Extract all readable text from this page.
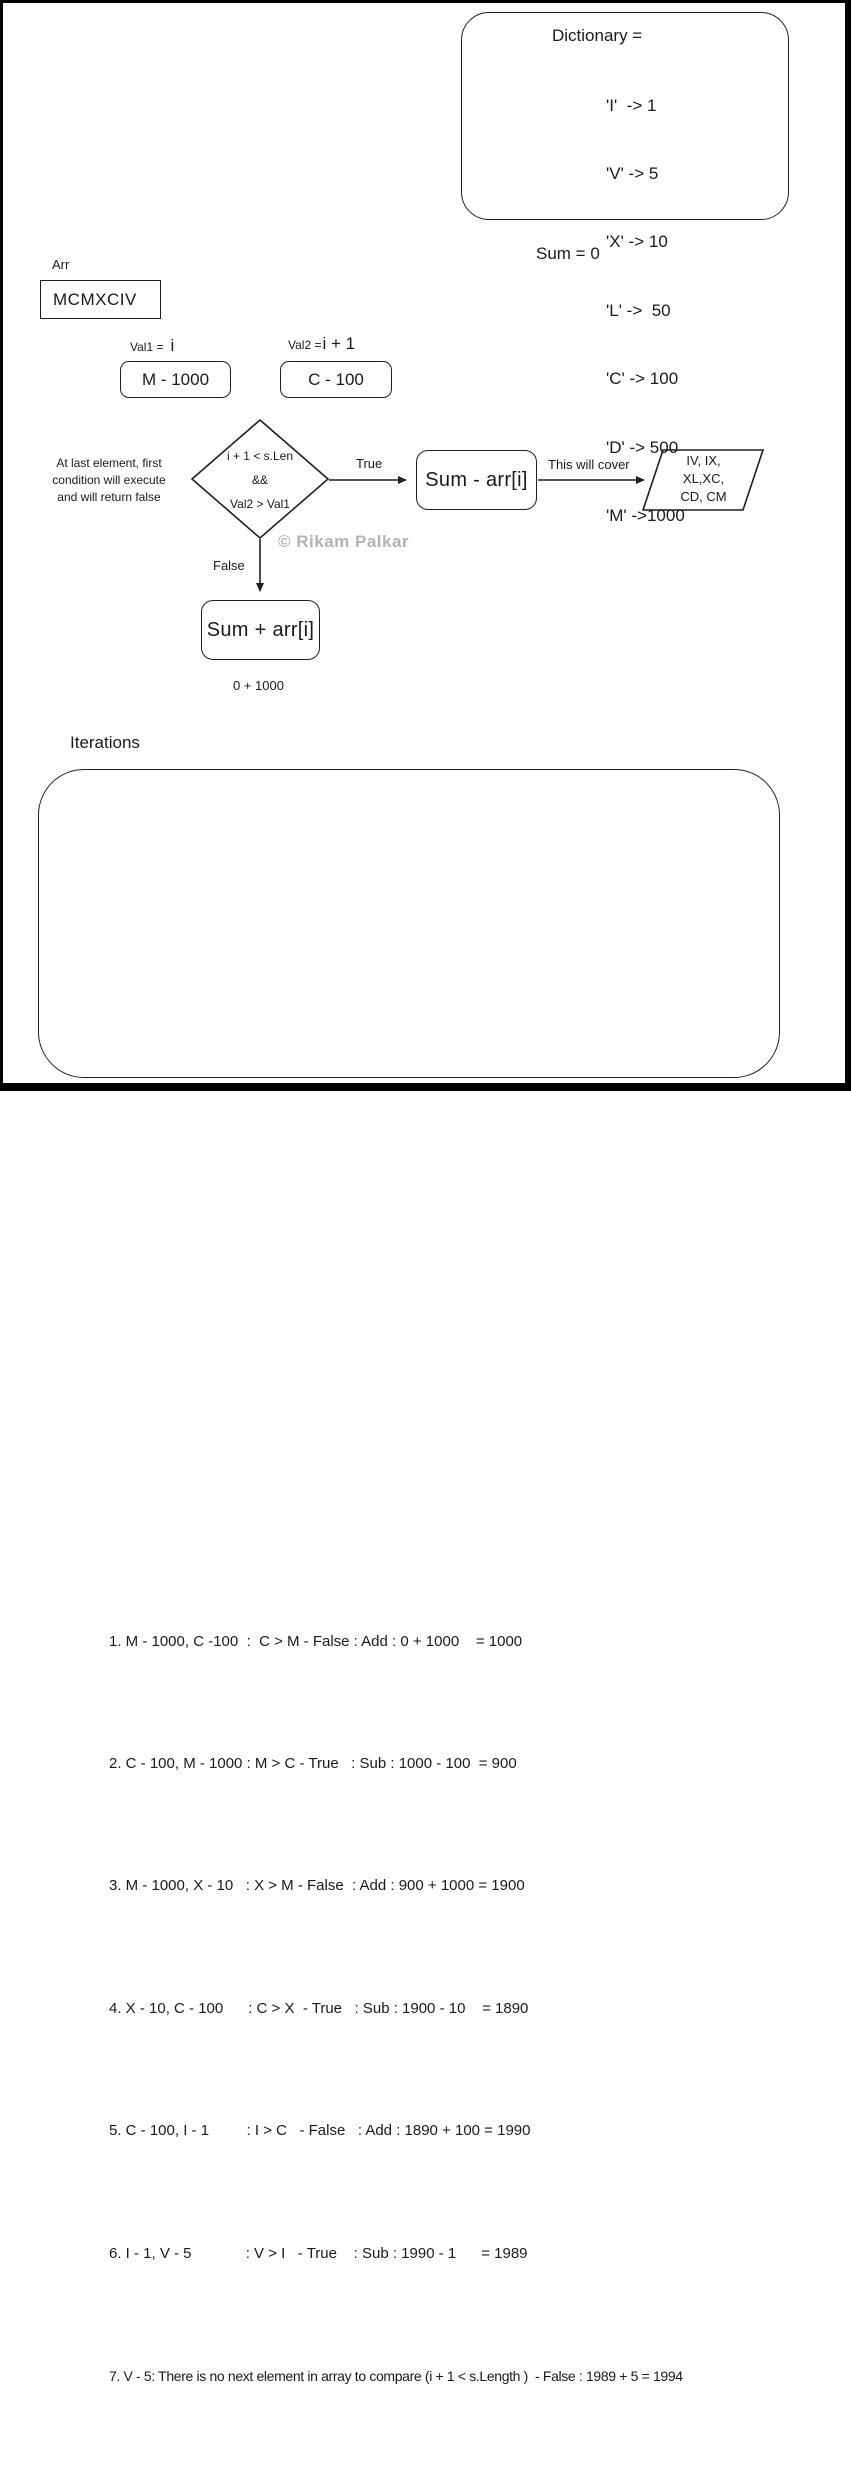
Dictionary =

'I'  -> 1

'V' -> 5

'X' -> 10

'L' ->  50

'C' -> 100

'D' -> 500

'M' ->1000

Sum = 0
Arr
MCMXCIV
Val1 = i	Val2 =i + 1
M - 1000	C - 100
At last element, first
condition will execute
and will return false
i + 1 < s.Len
&&
Val2 > Val1
True
False
This will cover
Sum - arr[i]
Sum + arr[i]
IV, IX,
XL,XC,
CD, CM
© Rikam Palkar
0 + 1000
Iterations

1. M - 1000, C -100  :  C > M - False : Add : 0 + 1000    = 1000

2. C - 100, M - 1000 : M > C - True   : Sub : 1000 - 100  = 900

3. M - 1000, X - 10   : X > M - False  : Add : 900 + 1000 = 1900

4. X - 10, C - 100      : C > X  - True   : Sub : 1900 - 10    = 1890

5. C - 100, I - 1         : I > C   - False   : Add : 1890 + 100 = 1990

6. I - 1, V - 5             : V > I   - True    : Sub : 1990 - 1      = 1989

7. V - 5: There is no next element in array to compare (i + 1 < s.Length )  - False : 1989 + 5 = 1994
